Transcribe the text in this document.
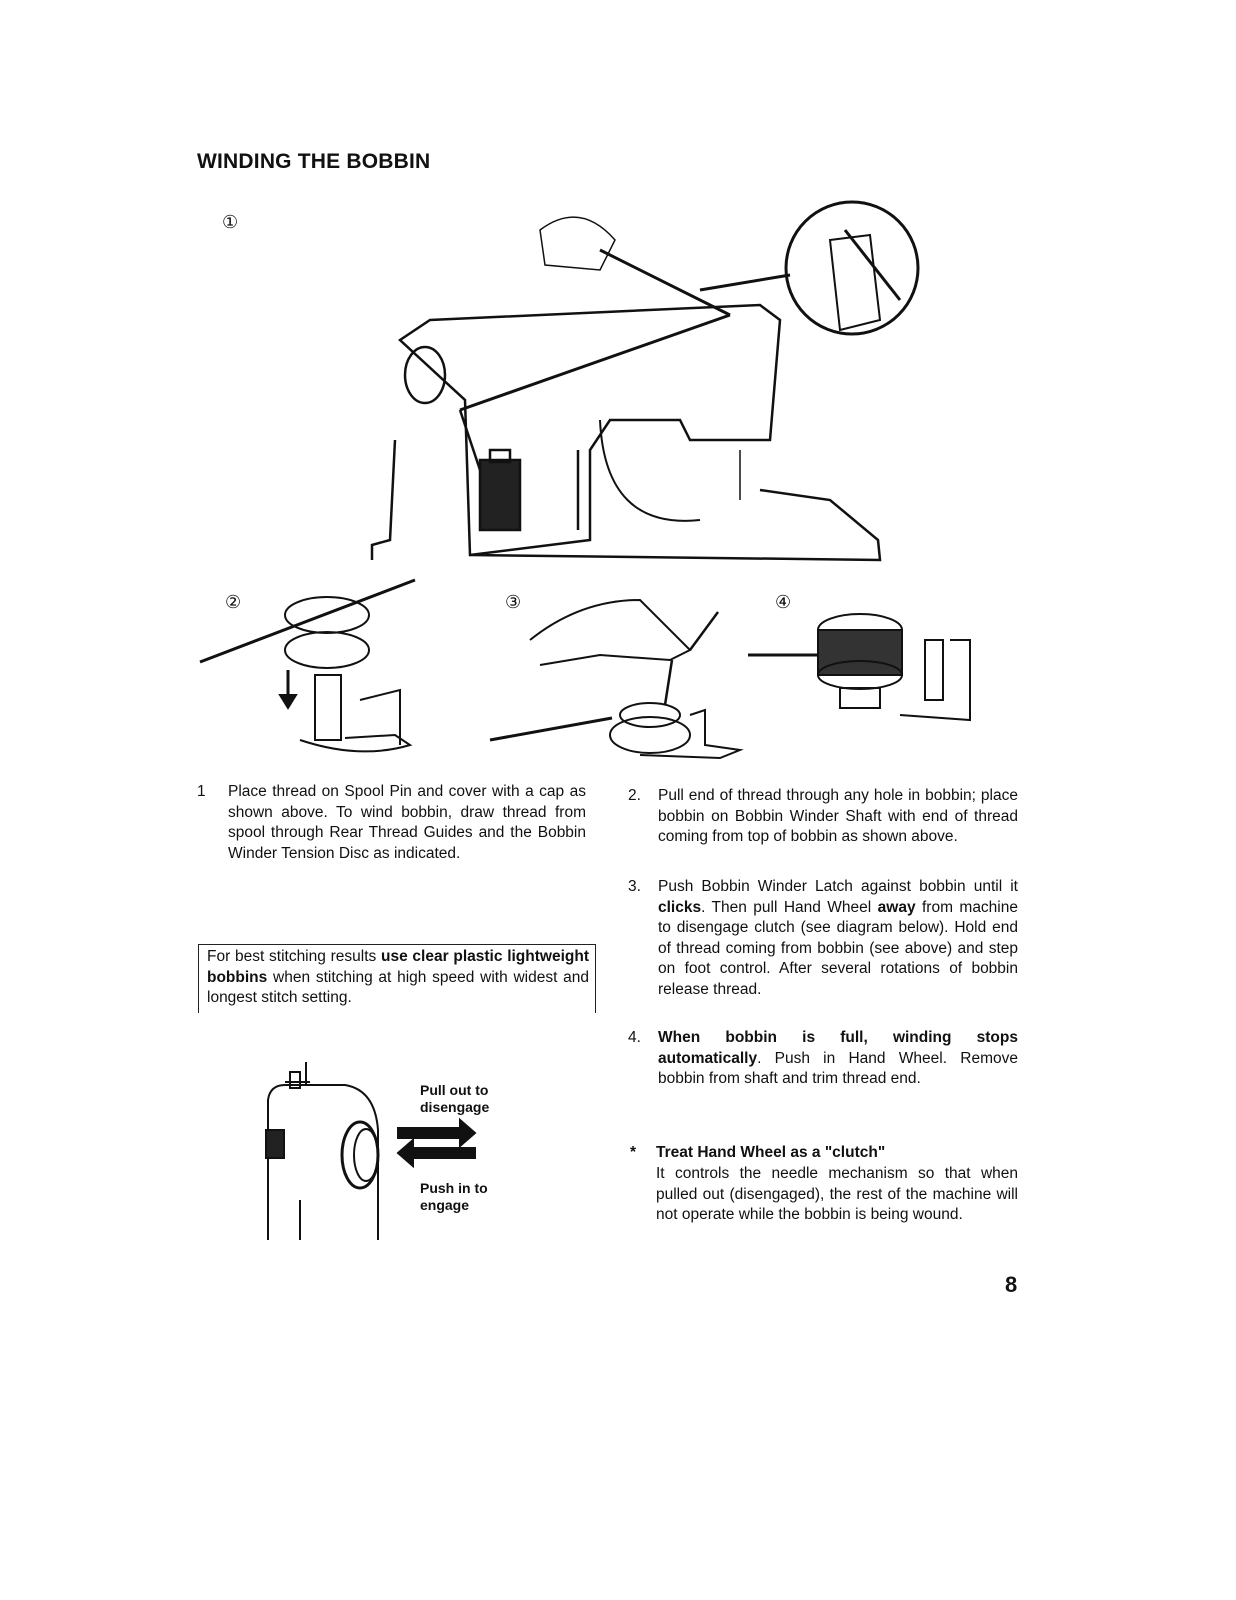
WINDING THE BOBBIN
①
②	③	④
1 Place thread on Spool Pin and cover with a cap as shown above. To wind bobbin, draw thread from spool through Rear Thread Guides and the Bobbin Winder Tension Disc as indicated.
For best stitching results use clear plastic lightweight bobbins when stitching at high speed with widest and longest stitch setting.
Pull out to disengage
Push in to engage
2. Pull end of thread through any hole in bobbin; place bobbin on Bobbin Winder Shaft with end of thread coming from top of bobbin as shown above.
3. Push Bobbin Winder Latch against bobbin until it clicks. Then pull Hand Wheel away from machine to disengage clutch (see diagram below). Hold end of thread coming from bobbin (see above) and step on foot control. After several rotations of bobbin release thread.
4. When bobbin is full, winding stops automatically. Push in Hand Wheel. Remove bobbin from shaft and trim thread end.
* Treat Hand Wheel as a "clutch"
It controls the needle mechanism so that when pulled out (disengaged), the rest of the machine will not operate while the bobbin is being wound.
8
